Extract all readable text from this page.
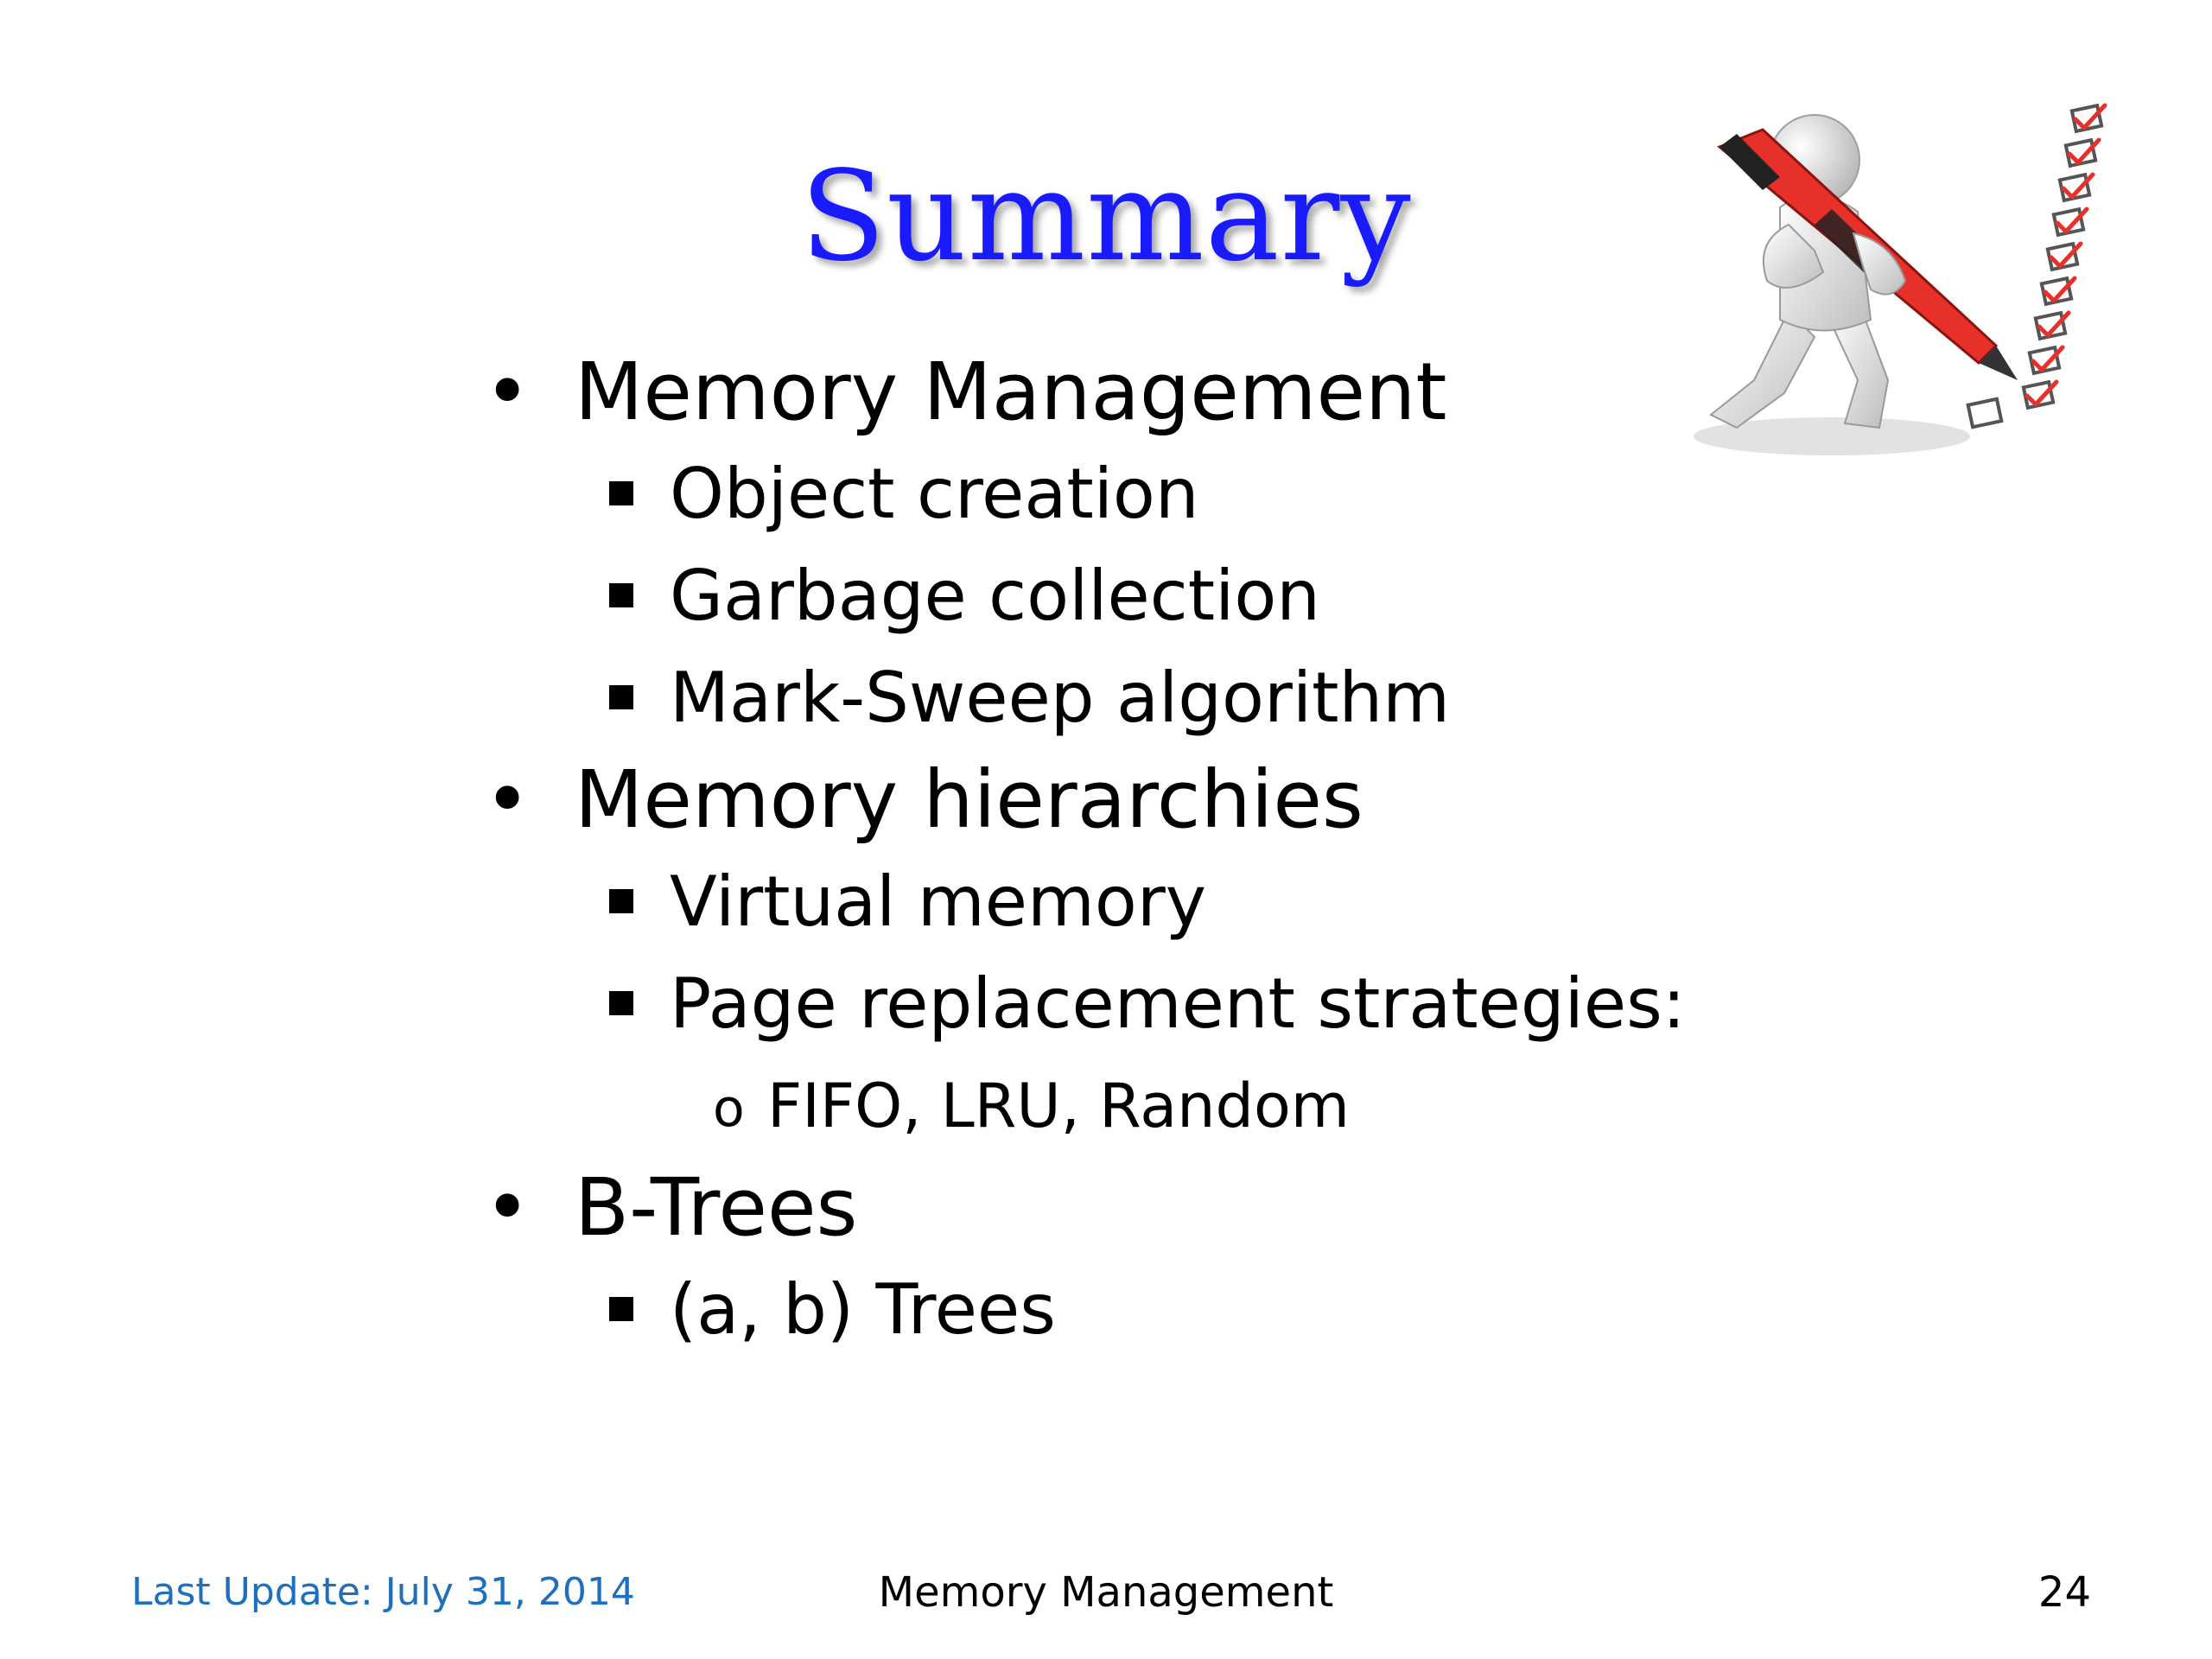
Summary
• Memory Management
Object creation
Garbage collection
Mark-Sweep algorithm
• Memory hierarchies
Virtual memory
Page replacement strategies:
o FIFO, LRU, Random
• B-Trees
(a, b) Trees
Last Update: July 31, 2014	Memory Management	24
